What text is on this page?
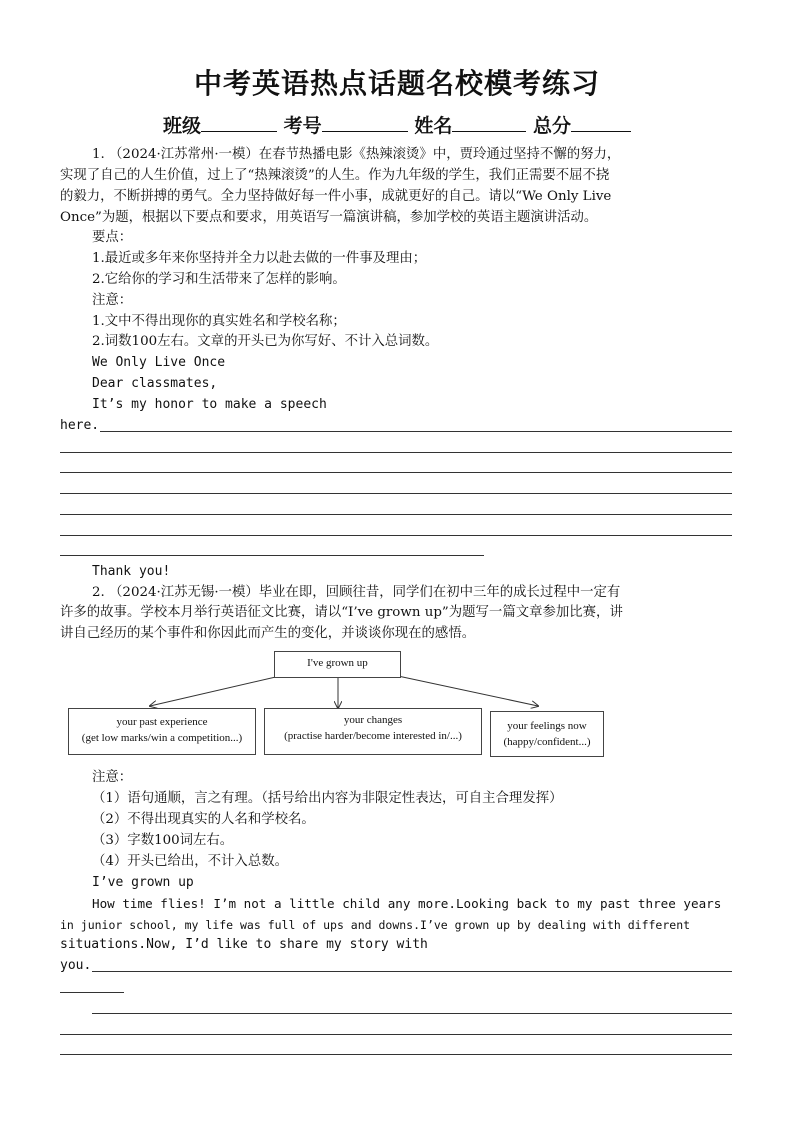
中考英语热点话题名校模考练习
班级	考号	姓名	总分
1. （2024·江苏常州·一模）在春节热播电影《热辣滚烫》中，贾玲通过坚持不懈的努力，
实现了自己的人生价值，过上了“热辣滚烫”的人生。作为九年级的学生，我们正需要不屈不挠
的毅力，不断拼搏的勇气。全力坚持做好每一件小事，成就更好的自己。请以“We Only Live
Once”为题，根据以下要点和要求，用英语写一篇演讲稿，参加学校的英语主题演讲活动。
要点：
1.最近或多年来你坚持并全力以赴去做的一件事及理由；
2.它给你的学习和生活带来了怎样的影响。
注意：
1.文中不得出现你的真实姓名和学校名称；
2.词数100左右。文章的开头已为你写好、不计入总词数。
We Only Live Once
Dear classmates,
It’s my honor to make a speech
here.
Thank you!
2. （2024·江苏无锡·一模）毕业在即，回顾往昔，同学们在初中三年的成长过程中一定有
许多的故事。学校本月举行英语征文比赛，请以“I’ve grown up”为题写一篇文章参加比赛，讲
讲自己经历的某个事件和你因此而产生的变化，并谈谈你现在的感悟。
I've grown up
your past experience
(get low marks/win a competition...)
your changes
(practise harder/become interested in/...)
your feelings now
(happy/confident...)
注意：
（1）语句通顺，言之有理。（括号给出内容为非限定性表达，可自主合理发挥）
（2）不得出现真实的人名和学校名。
（3）字数100词左右。
（4）开头已给出，不计入总数。
I’ve grown up
How time flies! I’m not a little child any more.Looking back to my past three years
in junior school, my life was full of ups and downs.I’ve grown up by dealing with different
situations.Now, I’d like to share my story with
you.
